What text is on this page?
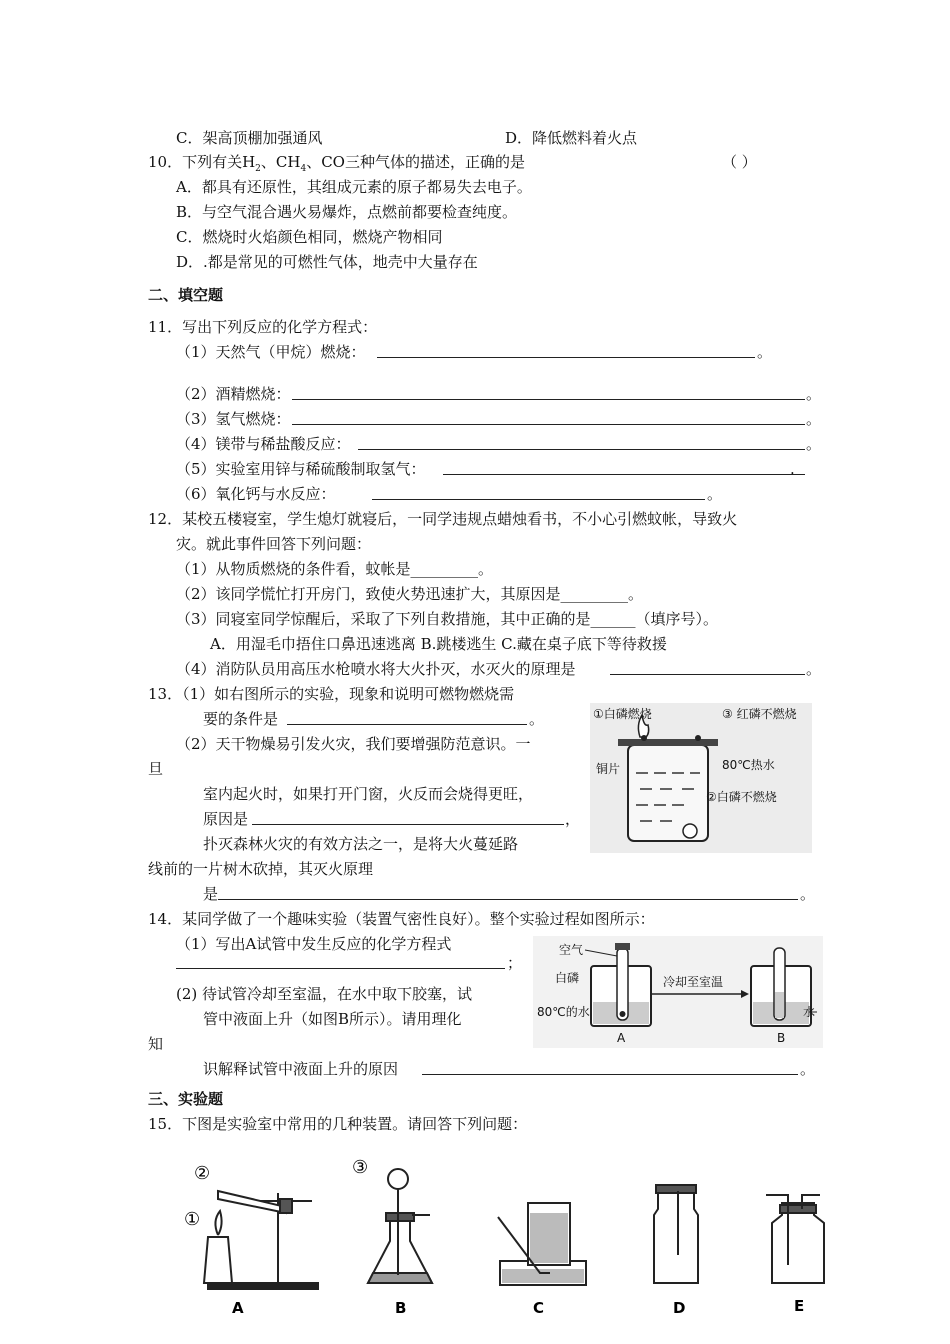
C．架高顶棚加强通风	D．降低燃料着火点
10．下列有关$H_2$、$CH_4$、CO三种气体的描述，正确的是	（ ）
A．都具有还原性，其组成元素的原子都易失去电子。
B．与空气混合遇火易爆炸，点燃前都要检查纯度。
C．燃烧时火焰颜色相同，燃烧产物相同
D．.都是常见的可燃性气体，地壳中大量存在
二、填空题
11．写出下列反应的化学方程式：
（1）天然气（甲烷）燃烧：	。
（2）酒精燃烧：	。
（3）氢气燃烧：	。
（4）镁带与稀盐酸反应：	。
（5）实验室用锌与稀硫酸制取氢气：	.
（6）氧化钙与水反应：	。
12．某校五楼寝室，学生熄灯就寝后，一同学违规点蜡烛看书，不小心引燃蚊帐，导致火
灾。就此事件回答下列问题：
（1）从物质燃烧的条件看，蚊帐是_________。
（2）该同学慌忙打开房门，致使火势迅速扩大，其原因是_________。
（3）同寝室同学惊醒后，采取了下列自救措施，其中正确的是______（填序号）。
A．用湿毛巾捂住口鼻迅速逃离 B.跳楼逃生 C.藏在桌子底下等待救援
（4）消防队员用高压水枪喷水将大火扑灭，水灭火的原理是	。
13．（1）如右图所示的实验，现象和说明可燃物燃烧需
要的条件是	。
（2）天干物燥易引发火灾，我们要增强防范意识。一
旦
室内起火时，如果打开门窗，火反而会烧得更旺，
原因是	，
扑灭森林火灾的有效方法之一，是将大火蔓延路
线前的一片树木砍掉，其灭火原理
是	。
①白磷燃烧	③ 红磷不燃烧
铜片	80℃热水
②白磷不燃烧
14．某同学做了一个趣味实验（装置气密性良好）。整个实验过程如图所示：
（1）写出A试管中发生反应的化学方程式
；
(2) 待试管冷却至室温，在水中取下胶塞，试
管中液面上升（如图B所示）。请用理化
知
识解释试管中液面上升的原因	。
空气
白磷
80℃的水
冷却至室温
水
A	B
三、实验题
15．下图是实验室中常用的几种装置。请回答下列问题：
①
②
A
③
B	C	D	E
